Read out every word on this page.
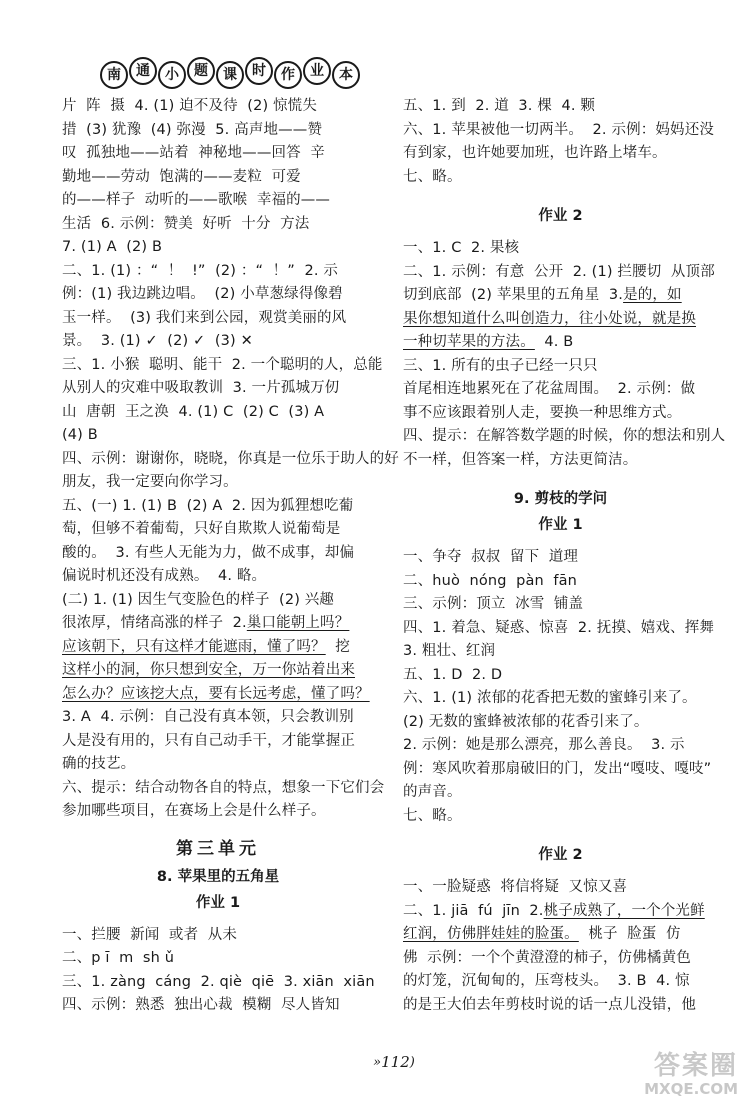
南	通	小	题	课	时	作	业	本
片  阵  摄  4. (1) 迫不及待  (2) 惊慌失
措  (3) 犹豫  (4) 弥漫  5. 高声地——赞
叹  孤独地——站着  神秘地——回答  辛
勤地——劳动  饱满的——麦粒  可爱
的——样子  动听的——歌喉  幸福的——
生活  6. 示例：赞美  好听  十分  方法
7. (1) A  (2) B
二、1. (1) ：“  ！  !”  (2) ：“  ！”  2. 示
例：(1) 我边跳边唱。  (2) 小草葱绿得像碧
玉一样。  (3) 我们来到公园，观赏美丽的风
景。  3. (1) ✓  (2) ✓  (3) ✕
三、1. 小猴  聪明、能干  2. 一个聪明的人，总能
从别人的灾难中吸取教训  3. 一片孤城万仞
山  唐朝  王之涣  4. (1) C  (2) C  (3) A
(4) B
四、示例：谢谢你，晓晓，你真是一位乐于助人的好
朋友，我一定要向你学习。
五、(一) 1. (1) B  (2) A  2. 因为狐狸想吃葡
萄，但够不着葡萄，只好自欺欺人说葡萄是
酸的。  3. 有些人无能为力，做不成事，却偏
偏说时机还没有成熟。  4. 略。
(二) 1. (1) 因生气变脸色的样子  (2) 兴趣
很浓厚，情绪高涨的样子  2.巢口能朝上吗？
应该朝下，只有这样才能遮雨，懂了吗？  挖
这样小的洞，你只想到安全，万一你站着出来
怎么办？应该挖大点，要有长远考虑，懂了吗？
3. A  4. 示例：自己没有真本领，只会教训别
人是没有用的，只有自己动手干，才能掌握正
确的技艺。
六、提示：结合动物各自的特点，想象一下它们会
参加哪些项目，在赛场上会是什么样子。
第三单元
8. 苹果里的五角星
作业 1
一、拦腰  新闻  或者  从未
二、p ī  m  sh ǔ
三、1. zàng  cáng  2. qiè  qiē  3. xiān  xiān
四、示例：熟悉  独出心裁  模糊  尽人皆知
五、1. 到  2. 道  3. 棵  4. 颗
六、1. 苹果被他一切两半。  2. 示例：妈妈还没
有到家，也许她要加班，也许路上堵车。
七、略。
作业 2
一、1. C  2. 果核
二、1. 示例：有意  公开  2. (1) 拦腰切  从顶部
切到底部  (2) 苹果里的五角星  3.是的，如
果你想知道什么叫创造力，往小处说，就是换
一种切苹果的方法。  4. B
三、1. 所有的虫子已经一只只
首尾相连地累死在了花盆周围。  2. 示例：做
事不应该跟着别人走，要换一种思维方式。
四、提示：在解答数学题的时候，你的想法和别人
不一样，但答案一样，方法更简洁。
9. 剪枝的学问
作业 1
一、争夺  叔叔  留下  道理
二、huò  nóng  pàn  fān
三、示例：顶立  冰雪  铺盖
四、1. 着急、疑惑、惊喜  2. 抚摸、嬉戏、挥舞
3. 粗壮、红润
五、1. D  2. D
六、1. (1) 浓郁的花香把无数的蜜蜂引来了。
(2) 无数的蜜蜂被浓郁的花香引来了。
2. 示例：她是那么漂亮，那么善良。  3. 示
例：寒风吹着那扇破旧的门，发出“嘎吱、嘎吱”
的声音。
七、略。
作业 2
一、一脸疑惑  将信将疑  又惊又喜
二、1. jiā  fú  jīn  2.桃子成熟了，一个个光鲜
红润，仿佛胖娃娃的脸蛋。  桃子  脸蛋  仿
佛  示例：一个个黄澄澄的柿子，仿佛橘黄色
的灯笼，沉甸甸的，压弯枝头。  3. B  4. 惊
的是王大伯去年剪枝时说的话一点儿没错，他
» 112 )	答案圈
MXQE.COM
